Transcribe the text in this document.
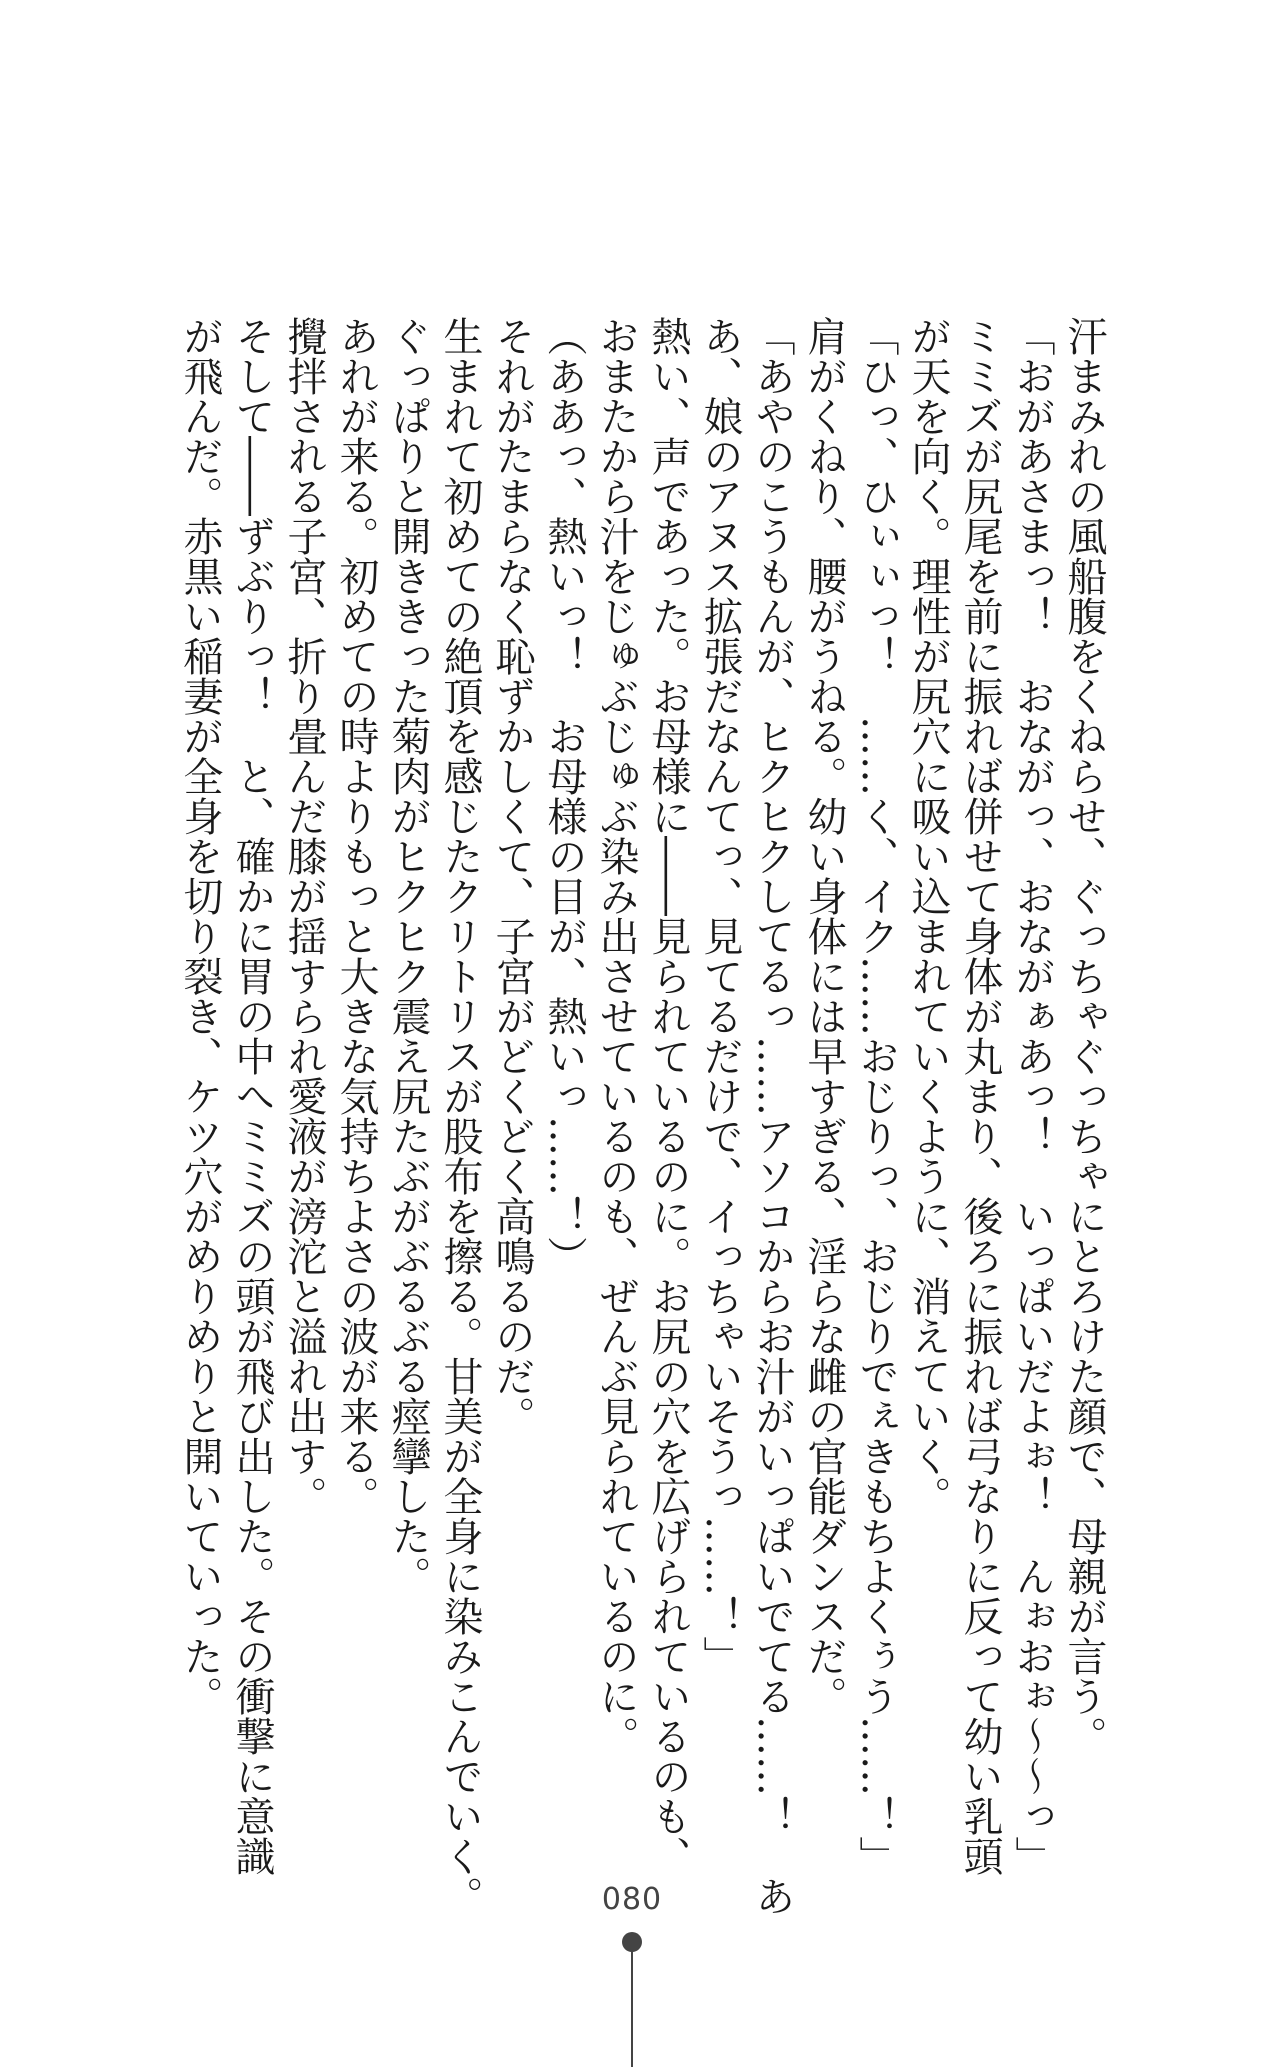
汗まみれの風船腹をくねらせ、ぐっちゃぐっちゃにとろけた顔で、母親が言う。
「おがあさまっ！　おながっ、おながぁあっ！　いっぱいだよぉ！　んぉおぉ〜〜っ」
ミミズが尻尾を前に振れば併せて身体が丸まり、後ろに振れば弓なりに反って幼い乳頭
が天を向く。理性が尻穴に吸い込まれていくように、消えていく。
「ひっ、ひぃぃっ！　……く、イク……おじりっ、おじりでぇきもちよくぅう……！」
肩がくねり、腰がうねる。幼い身体には早すぎる、淫らな雌の官能ダンスだ。
「あやのこうもんが、ヒクヒクしてるっ……アソコからお汁がいっぱいでてる……！　あ
あ、娘のアヌス拡張だなんてっ、見てるだけで、イっちゃいそうっ……！」
熱い、声であった。お母様に――見られているのに。お尻の穴を広げられているのも、
おまたから汁をじゅぶじゅぶ染み出させているのも、ぜんぶ見られているのに。
（ああっ、熱いっ！　お母様の目が、熱いっ……！）
それがたまらなく恥ずかしくて、子宮がどくどく高鳴るのだ。
生まれて初めての絶頂を感じたクリトリスが股布を擦る。甘美が全身に染みこんでいく。
ぐっぱりと開ききった菊肉がヒクヒク震え尻たぶがぶるぶる痙攣した。
あれが来る。初めての時よりもっと大きな気持ちよさの波が来る。
攪拌される子宮、折り畳んだ膝が揺すられ愛液が滂沱と溢れ出す。
そして――ずぶりっ！　と、確かに胃の中へミミズの頭が飛び出した。その衝撃に意識
が飛んだ。赤黒い稲妻が全身を切り裂き、ケツ穴がめりめりと開いていった。
080
